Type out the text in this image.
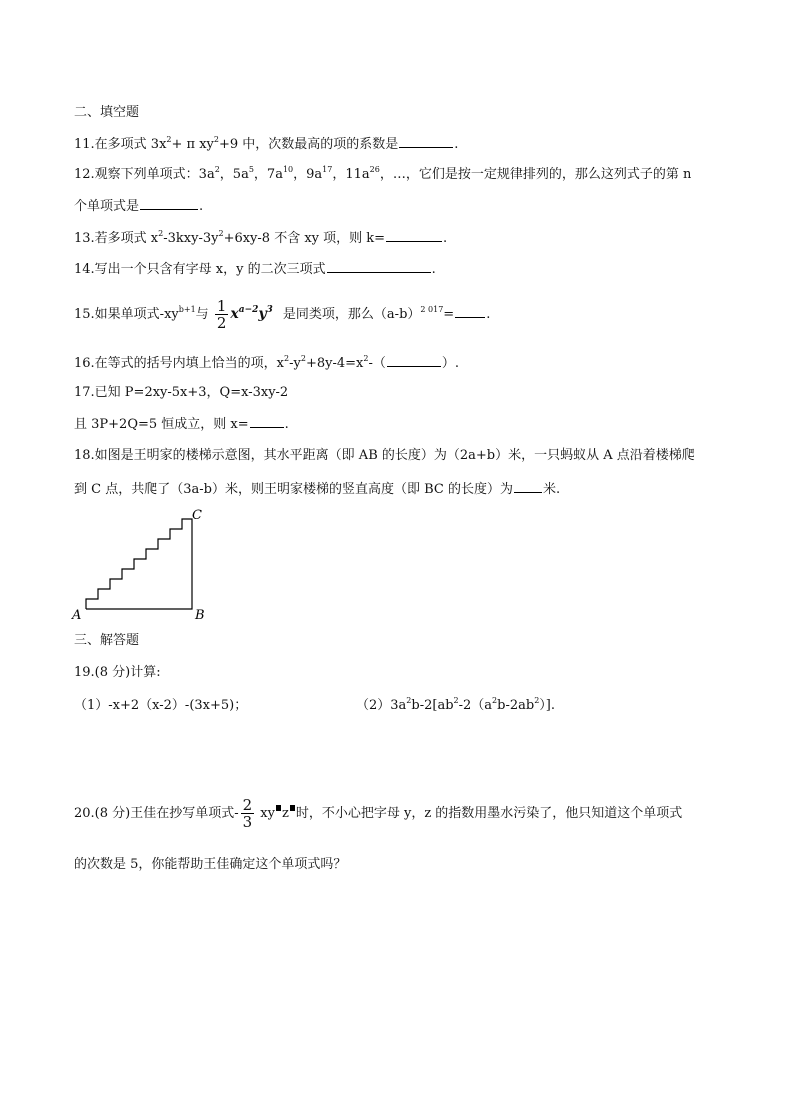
二、填空题
11.在多项式 $3x^2+ \pi$ $xy^2+9$ 中，次数最高的项的系数是	.
12.观察下列单项式：$3a^2$，$5a^5$，$7a^{10}$，$9a^{17}$，$11a^{26}$，…，它们是按一定规律排列的，那么这列式子的第 n
个单项式是	.
13.若多项式 $x^2-3kxy-3y^2+6xy-8$ 不含 xy 项，则 k=	.
14.写出一个只含有字母 x，y 的二次三项式	.
15.如果单项式$-xy^{b+1}$与 $\frac{1}{2} x^{a-2}y^3$ 是同类项，那么$(a-b)^{2 017}=$ .
16.在等式的括号内填上恰当的项，$x^2-y^2+8y-4=x^2-$（	）.
17.已知 P=2xy-5x+3，Q=x-3xy-2
且 3P+2Q=5 恒成立，则 x=	.
18.如图是王明家的楼梯示意图，其水平距离（即 AB 的长度）为（2a+b）米，一只蚂蚁从 A 点沿着楼梯爬
到 C 点，共爬了（3a-b）米，则王明家楼梯的竖直高度（即 BC 的长度）为 米.
A	B
C
三、解答题
19.(8 分)计算:
（1）-x+2（x-2）-(3x+5)；	$(2)3a^2b-2[ab^2-2(a^2b-2ab^2)]$.
20.(8 分)王佳在抄写单项式- $\frac{2}{3}$ xy z 时，不小心把字母 y，z 的指数用墨水污染了，他只知道这个单项式
的次数是 5，你能帮助王佳确定这个单项式吗？
